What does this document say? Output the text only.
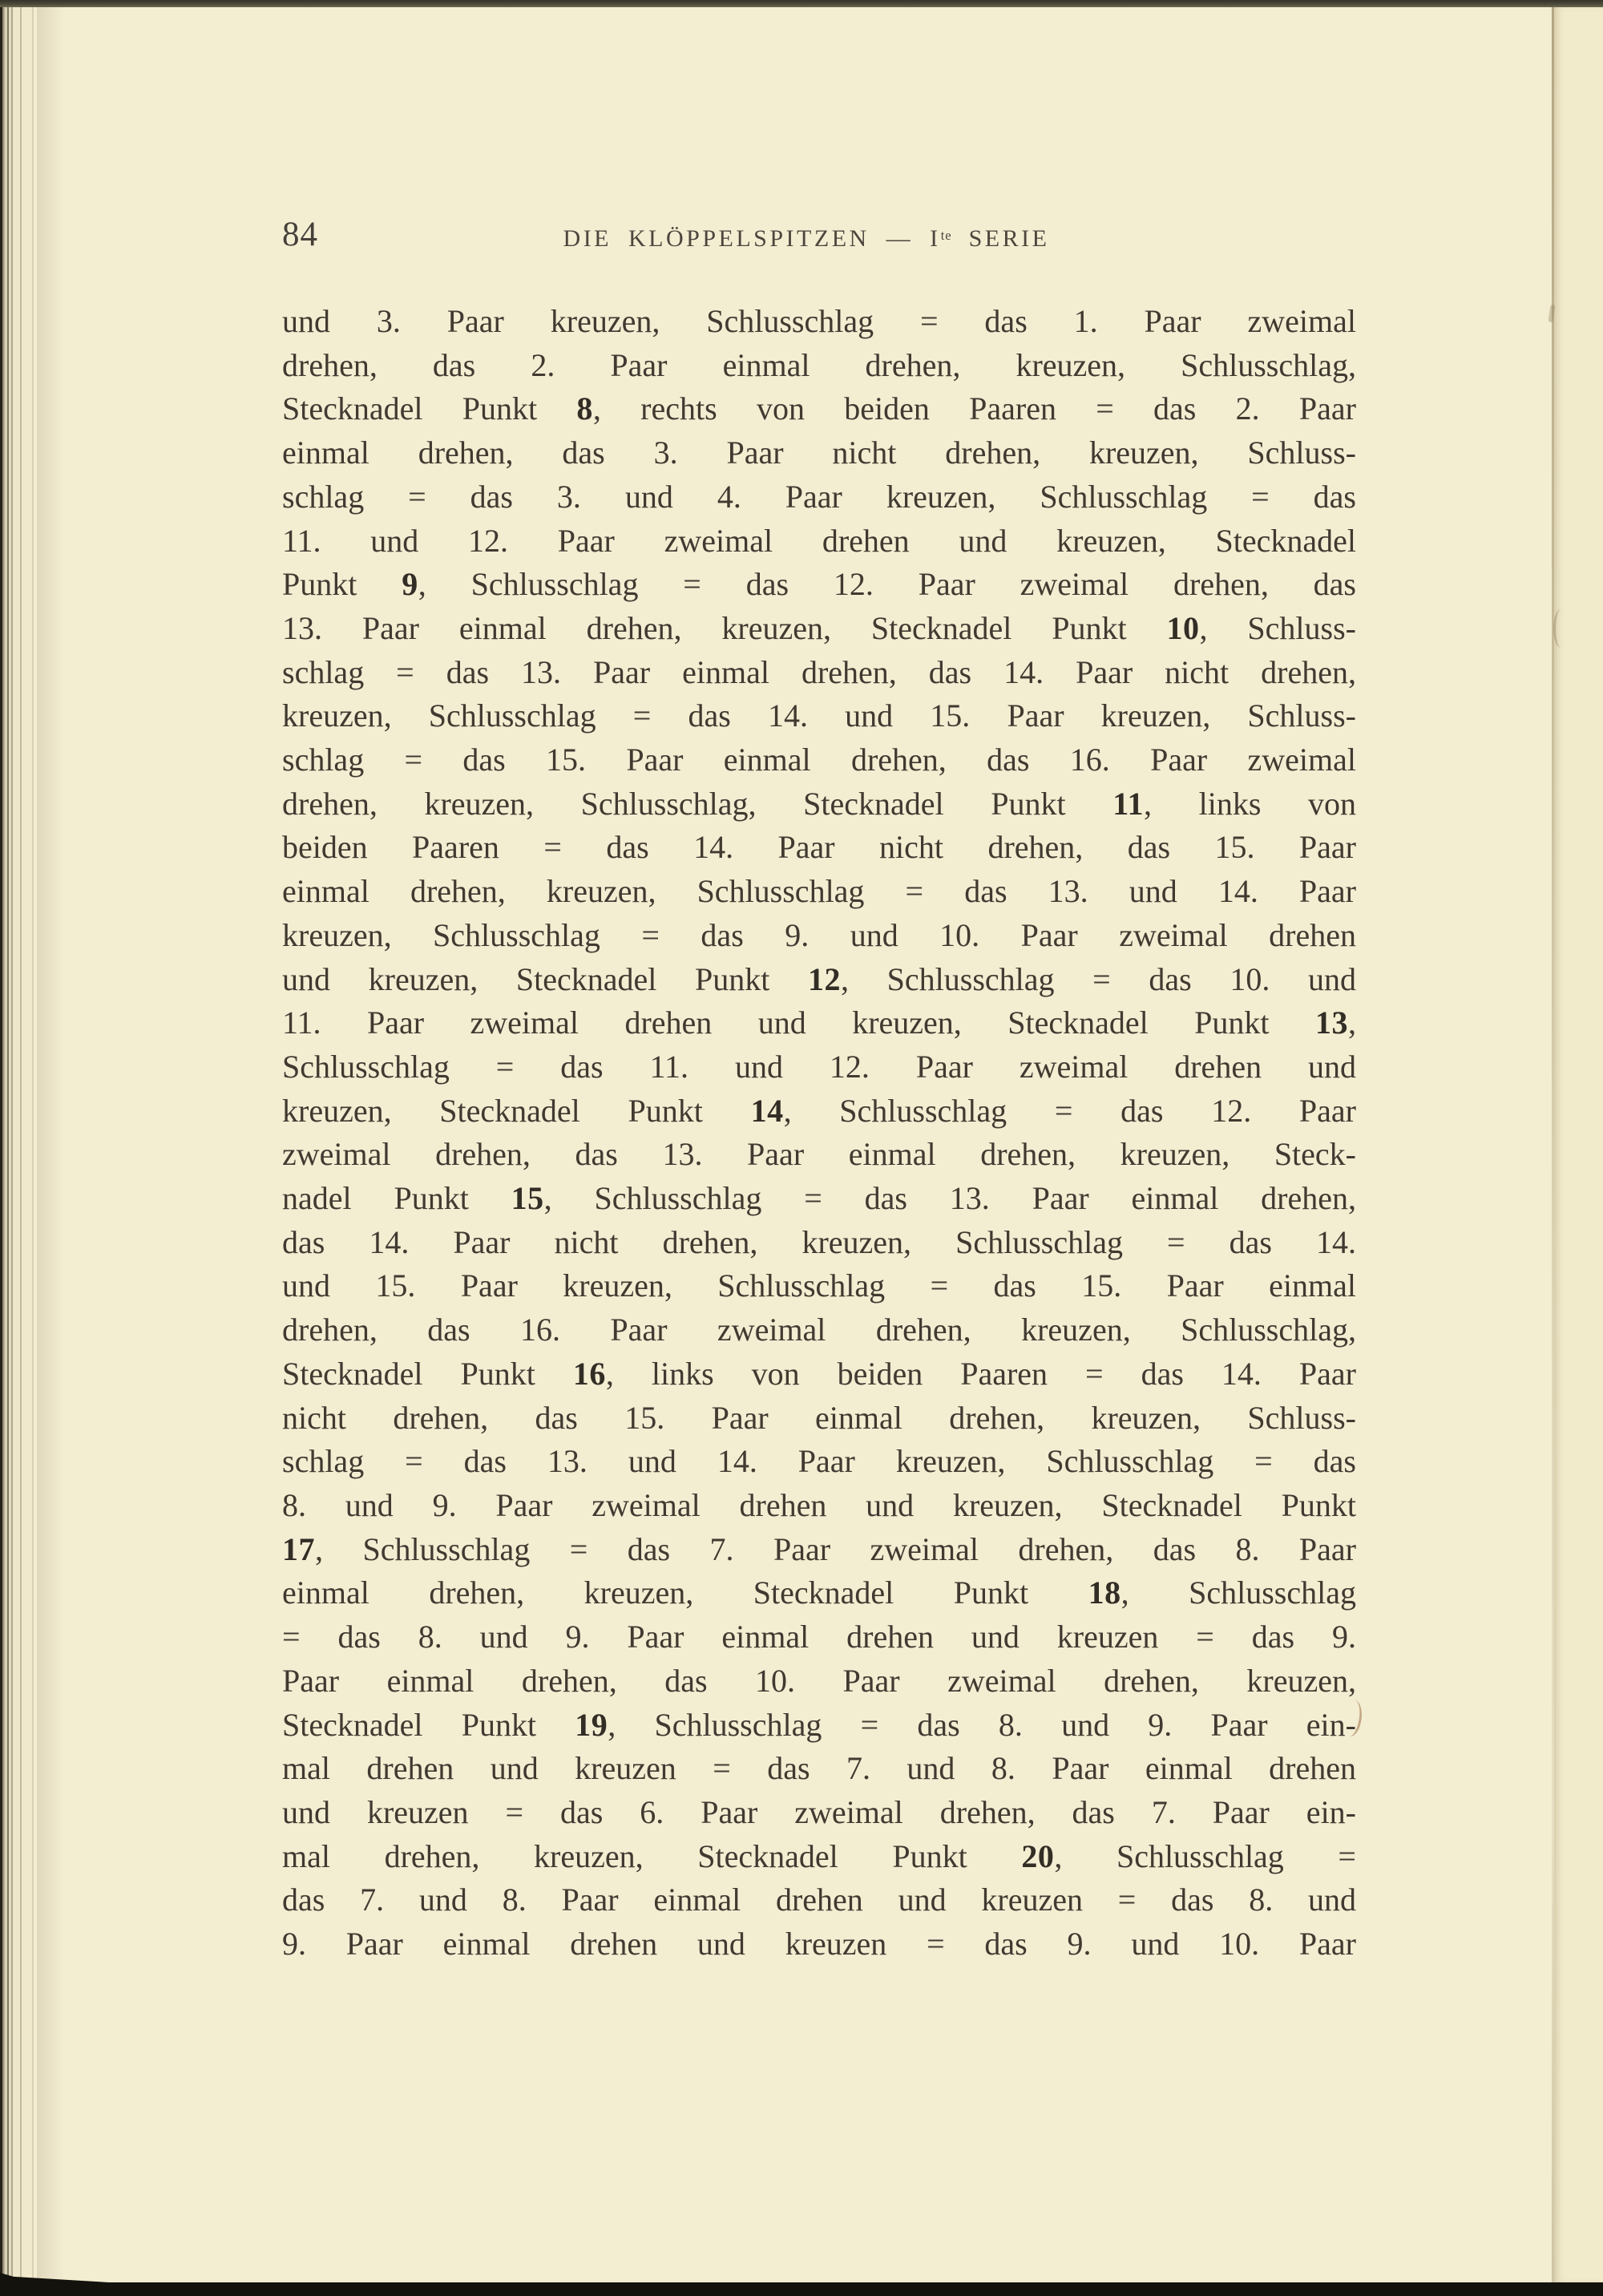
84	DIE KLÖPPELSPITZEN — $I^{te}$ SERIE
und 3. Paar kreuzen, Schlusschlag = das 1. Paar zweimal
drehen, das 2. Paar einmal drehen, kreuzen, Schlusschlag,
Stecknadel Punkt 8, rechts von beiden Paaren = das 2. Paar
einmal drehen, das 3. Paar nicht drehen, kreuzen, Schluss-
schlag = das 3. und 4. Paar kreuzen, Schlusschlag = das
11. und 12. Paar zweimal drehen und kreuzen, Stecknadel
Punkt 9, Schlusschlag = das 12. Paar zweimal drehen, das
13. Paar einmal drehen, kreuzen, Stecknadel Punkt 10, Schluss-
schlag = das 13. Paar einmal drehen, das 14. Paar nicht drehen,
kreuzen, Schlusschlag = das 14. und 15. Paar kreuzen, Schluss-
schlag = das 15. Paar einmal drehen, das 16. Paar zweimal
drehen, kreuzen, Schlusschlag, Stecknadel Punkt 11, links von
beiden Paaren = das 14. Paar nicht drehen, das 15. Paar
einmal drehen, kreuzen, Schlusschlag = das 13. und 14. Paar
kreuzen, Schlusschlag = das 9. und 10. Paar zweimal drehen
und kreuzen, Stecknadel Punkt 12, Schlusschlag = das 10. und
11. Paar zweimal drehen und kreuzen, Stecknadel Punkt 13,
Schlusschlag = das 11. und 12. Paar zweimal drehen und
kreuzen, Stecknadel Punkt 14, Schlusschlag = das 12. Paar
zweimal drehen, das 13. Paar einmal drehen, kreuzen, Steck-
nadel Punkt 15, Schlusschlag = das 13. Paar einmal drehen,
das 14. Paar nicht drehen, kreuzen, Schlusschlag = das 14.
und 15. Paar kreuzen, Schlusschlag = das 15. Paar einmal
drehen, das 16. Paar zweimal drehen, kreuzen, Schlusschlag,
Stecknadel Punkt 16, links von beiden Paaren = das 14. Paar
nicht drehen, das 15. Paar einmal drehen, kreuzen, Schluss-
schlag = das 13. und 14. Paar kreuzen, Schlusschlag = das
8. und 9. Paar zweimal drehen und kreuzen, Stecknadel Punkt
17, Schlusschlag = das 7. Paar zweimal drehen, das 8. Paar
einmal drehen, kreuzen, Stecknadel Punkt 18, Schlusschlag
= das 8. und 9. Paar einmal drehen und kreuzen = das 9.
Paar einmal drehen, das 10. Paar zweimal drehen, kreuzen,
Stecknadel Punkt 19, Schlusschlag = das 8. und 9. Paar ein-
mal drehen und kreuzen = das 7. und 8. Paar einmal drehen
und kreuzen = das 6. Paar zweimal drehen, das 7. Paar ein-
mal drehen, kreuzen, Stecknadel Punkt 20, Schlusschlag =
das 7. und 8. Paar einmal drehen und kreuzen = das 8. und
9. Paar einmal drehen und kreuzen = das 9. und 10. Paar
